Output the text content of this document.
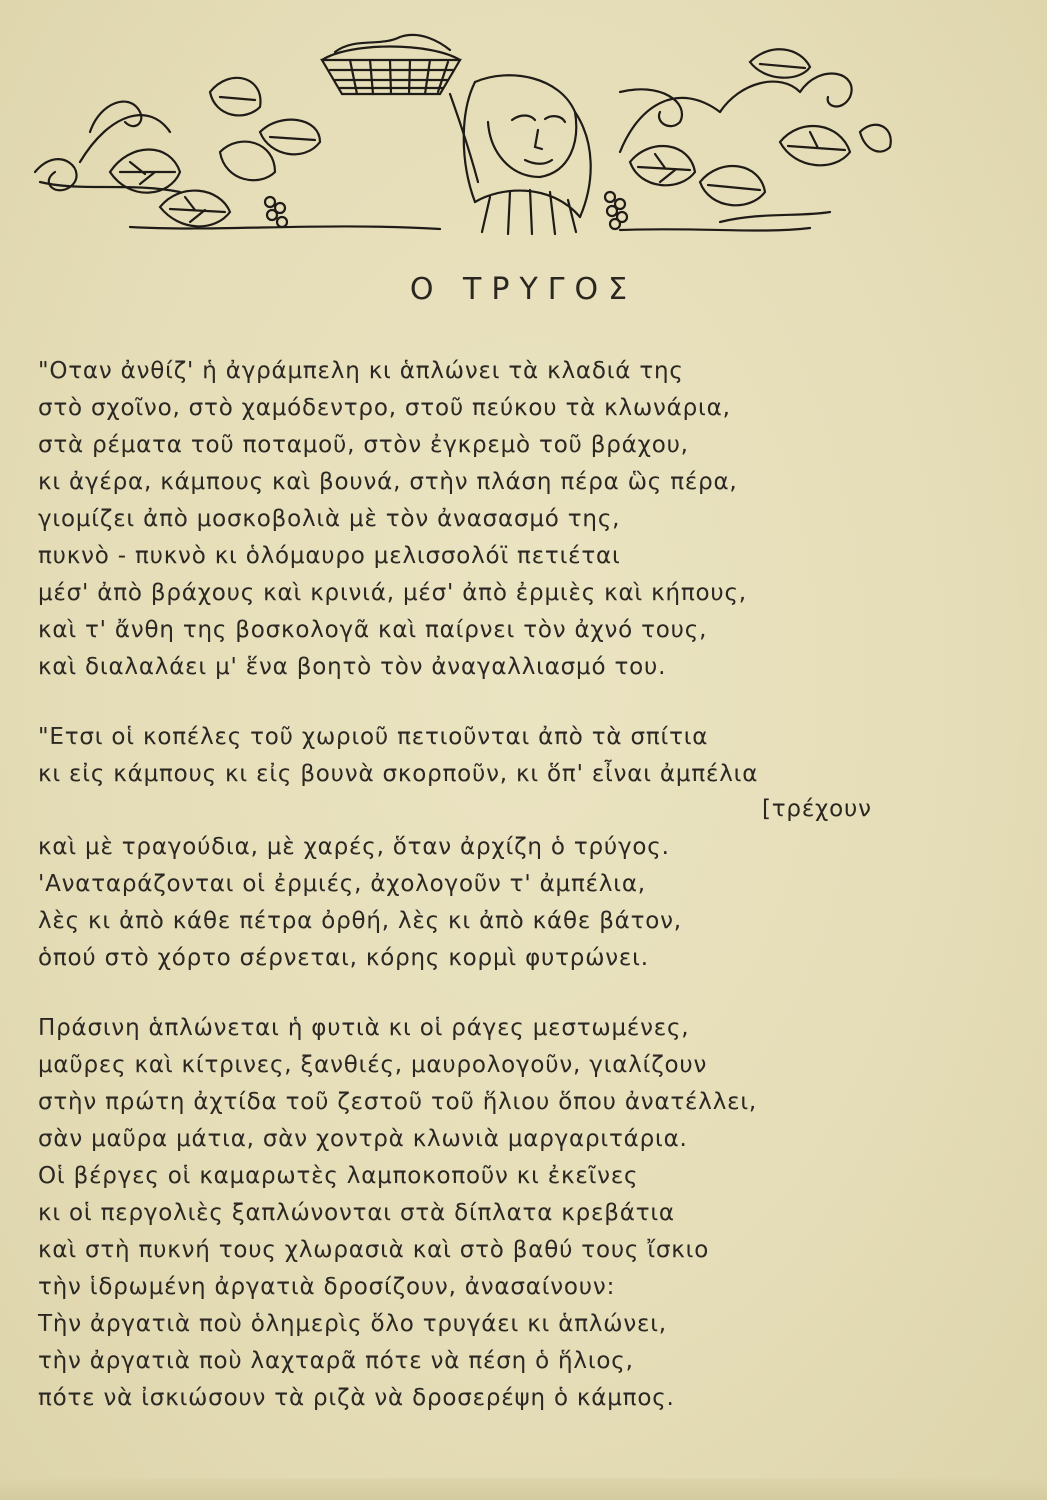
Ο ΤΡΥΓΟΣ
"Οταν ἀνθίζ' ἡ ἀγράμπελη κι ἁπλώνει τὰ κλαδιά της
στὸ σχοῖνο, στὸ χαμόδεντρο, στοῦ πεύκου τὰ κλωνάρια,
στὰ ρέματα τοῦ ποταμοῦ, στὸν ἐγκρεμὸ τοῦ βράχου,
κι ἀγέρα, κάμπους καὶ βουνά, στὴν πλάση πέρα ὣς πέρα,
γιομίζει ἀπὸ μοσκοβολιὰ μὲ τὸν ἀνασασμό της,
πυκνὸ - πυκνὸ κι ὁλόμαυρο μελισσολόϊ πετιέται
μέσ' ἀπὸ βράχους καὶ κρινιά, μέσ' ἀπὸ ἐρμιὲς καὶ κήπους,
καὶ τ' ἄνθη της βοσκολογᾶ καὶ παίρνει τὸν ἀχνό τους,
καὶ διαλαλάει μ' ἕνα βοητὸ τὸν ἀναγαλλιασμό του.
"Ετσι οἱ κοπέλες τοῦ χωριοῦ πετιοῦνται ἀπὸ τὰ σπίτια
κι εἰς κάμπους κι εἰς βουνὰ σκορποῦν, κι ὅπ' εἶναι ἀμπέλια
[τρέχουν
καὶ μὲ τραγούδια, μὲ χαρές, ὅταν ἀρχίζη ὁ τρύγος.
'Αναταράζονται οἱ ἐρμιές, ἀχολογοῦν τ' ἀμπέλια,
λὲς κι ἀπὸ κάθε πέτρα ὀρθή, λὲς κι ἀπὸ κάθε βάτον,
ὁπού στὸ χόρτο σέρνεται, κόρης κορμὶ φυτρώνει.
Πράσινη ἁπλώνεται ἡ φυτιὰ κι οἱ ράγες μεστωμένες,
μαῦρες καὶ κίτρινες, ξανθιές, μαυρολογοῦν, γιαλίζουν
στὴν πρώτη ἀχτίδα τοῦ ζεστοῦ τοῦ ἥλιου ὅπου ἀνατέλλει,
σὰν μαῦρα μάτια, σὰν χοντρὰ κλωνιὰ μαργαριτάρια.
Οἱ βέργες οἱ καμαρωτὲς λαμποκοποῦν κι ἐκεῖνες
κι οἱ περγολιὲς ξαπλώνονται στὰ δίπλατα κρεβάτια
καὶ στὴ πυκνή τους χλωρασιὰ καὶ στὸ βαθύ τους ἴσκιο
τὴν ἱδρωμένη ἀργατιὰ δροσίζουν, ἀνασαίνουν:
Τὴν ἀργατιὰ ποὺ ὁλημερὶς ὅλο τρυγάει κι ἁπλώνει,
τὴν ἀργατιὰ ποὺ λαχταρᾶ πότε νὰ πέση ὁ ἥλιος,
πότε νὰ ἰσκιώσουν τὰ ριζὰ νὰ δροσερέψη ὁ κάμπος.
